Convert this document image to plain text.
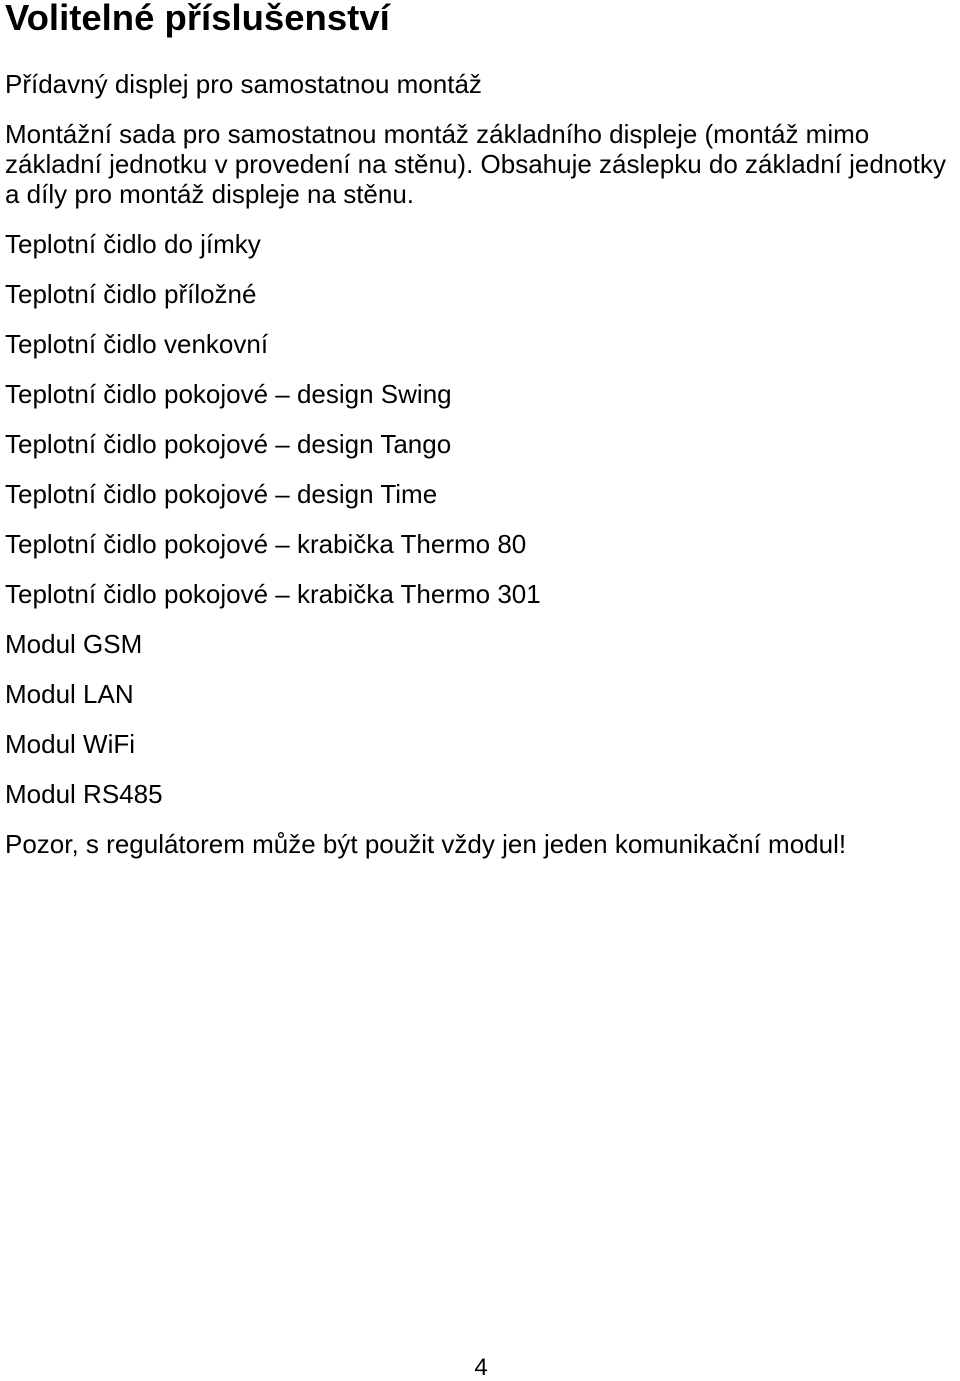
Volitelné příslušenství

Přídavný displej pro samostatnou montáž

Montážní sada pro samostatnou montáž základního displeje (montáž mimo
základní jednotku v provedení na stěnu). Obsahuje záslepku do základní jednotky
a díly pro montáž displeje na stěnu.

Teplotní čidlo do jímky
Teplotní čidlo příložné
Teplotní čidlo venkovní
Teplotní čidlo pokojové – design Swing
Teplotní čidlo pokojové – design Tango
Teplotní čidlo pokojové – design Time
Teplotní čidlo pokojové – krabička Thermo 80
Teplotní čidlo pokojové – krabička Thermo 301
Modul GSM
Modul LAN
Modul WiFi
Modul RS485

Pozor, s regulátorem může být použit vždy jen jeden komunikační modul!

4
